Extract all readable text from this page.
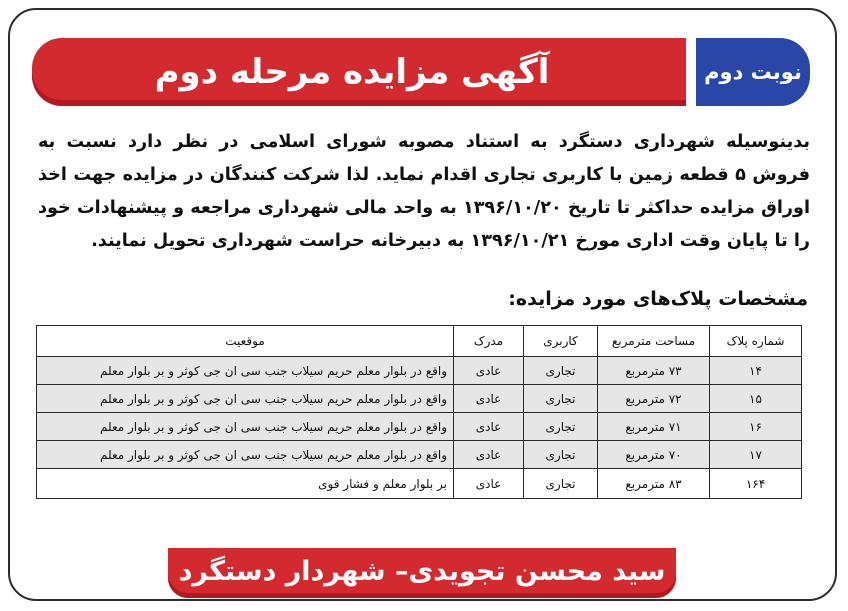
آگهی مزایده مرحله دوم	نوبت دوم

بدینوسیله شهرداری دستگرد به استناد مصوبه شورای اسلامی در نظر دارد نسبت به فروش ۵ قطعه زمین با کاربری تجاری اقدام نماید. لذا شرکت کنندگان در مزایده جهت اخذ اوراق مزایده حداکثر تا تاریخ ۱۳۹۶/۱۰/۲۰ به واحد مالی شهرداری مراجعه و پیشنهادات خود را تا پایان وقت اداری مورخ ۱۳۹۶/۱۰/۲۱ به دبیرخانه حراست شهرداری تحویل نمایند.

مشخصات پلاک‌های مورد مزایده:
شماره پلاک	مساحت مترمربع	کاربری	مدرک	موقعیت
۱۴	۷۳ مترمربع	تجاری	عادی	واقع در بلوار معلم حریم سیلاب جنب سی ان جی کوثر و بر بلوار معلم
۱۵	۷۲ مترمربع	تجاری	عادی	واقع در بلوار معلم حریم سیلاب جنب سی ان جی کوثر و بر بلوار معلم
۱۶	۷۱ مترمربع	تجاری	عادی	واقع در بلوار معلم حریم سیلاب جنب سی ان جی کوثر و بر بلوار معلم
۱۷	۷۰ مترمربع	تجاری	عادی	واقع در بلوار معلم حریم سیلاب جنب سی ان جی کوثر و بر بلوار معلم
۱۶۴	۸۳ مترمربع	تجاری	عادی	بر بلوار معلم و فشار قوی
سید محسن تجویدی– شهردار دستگرد
